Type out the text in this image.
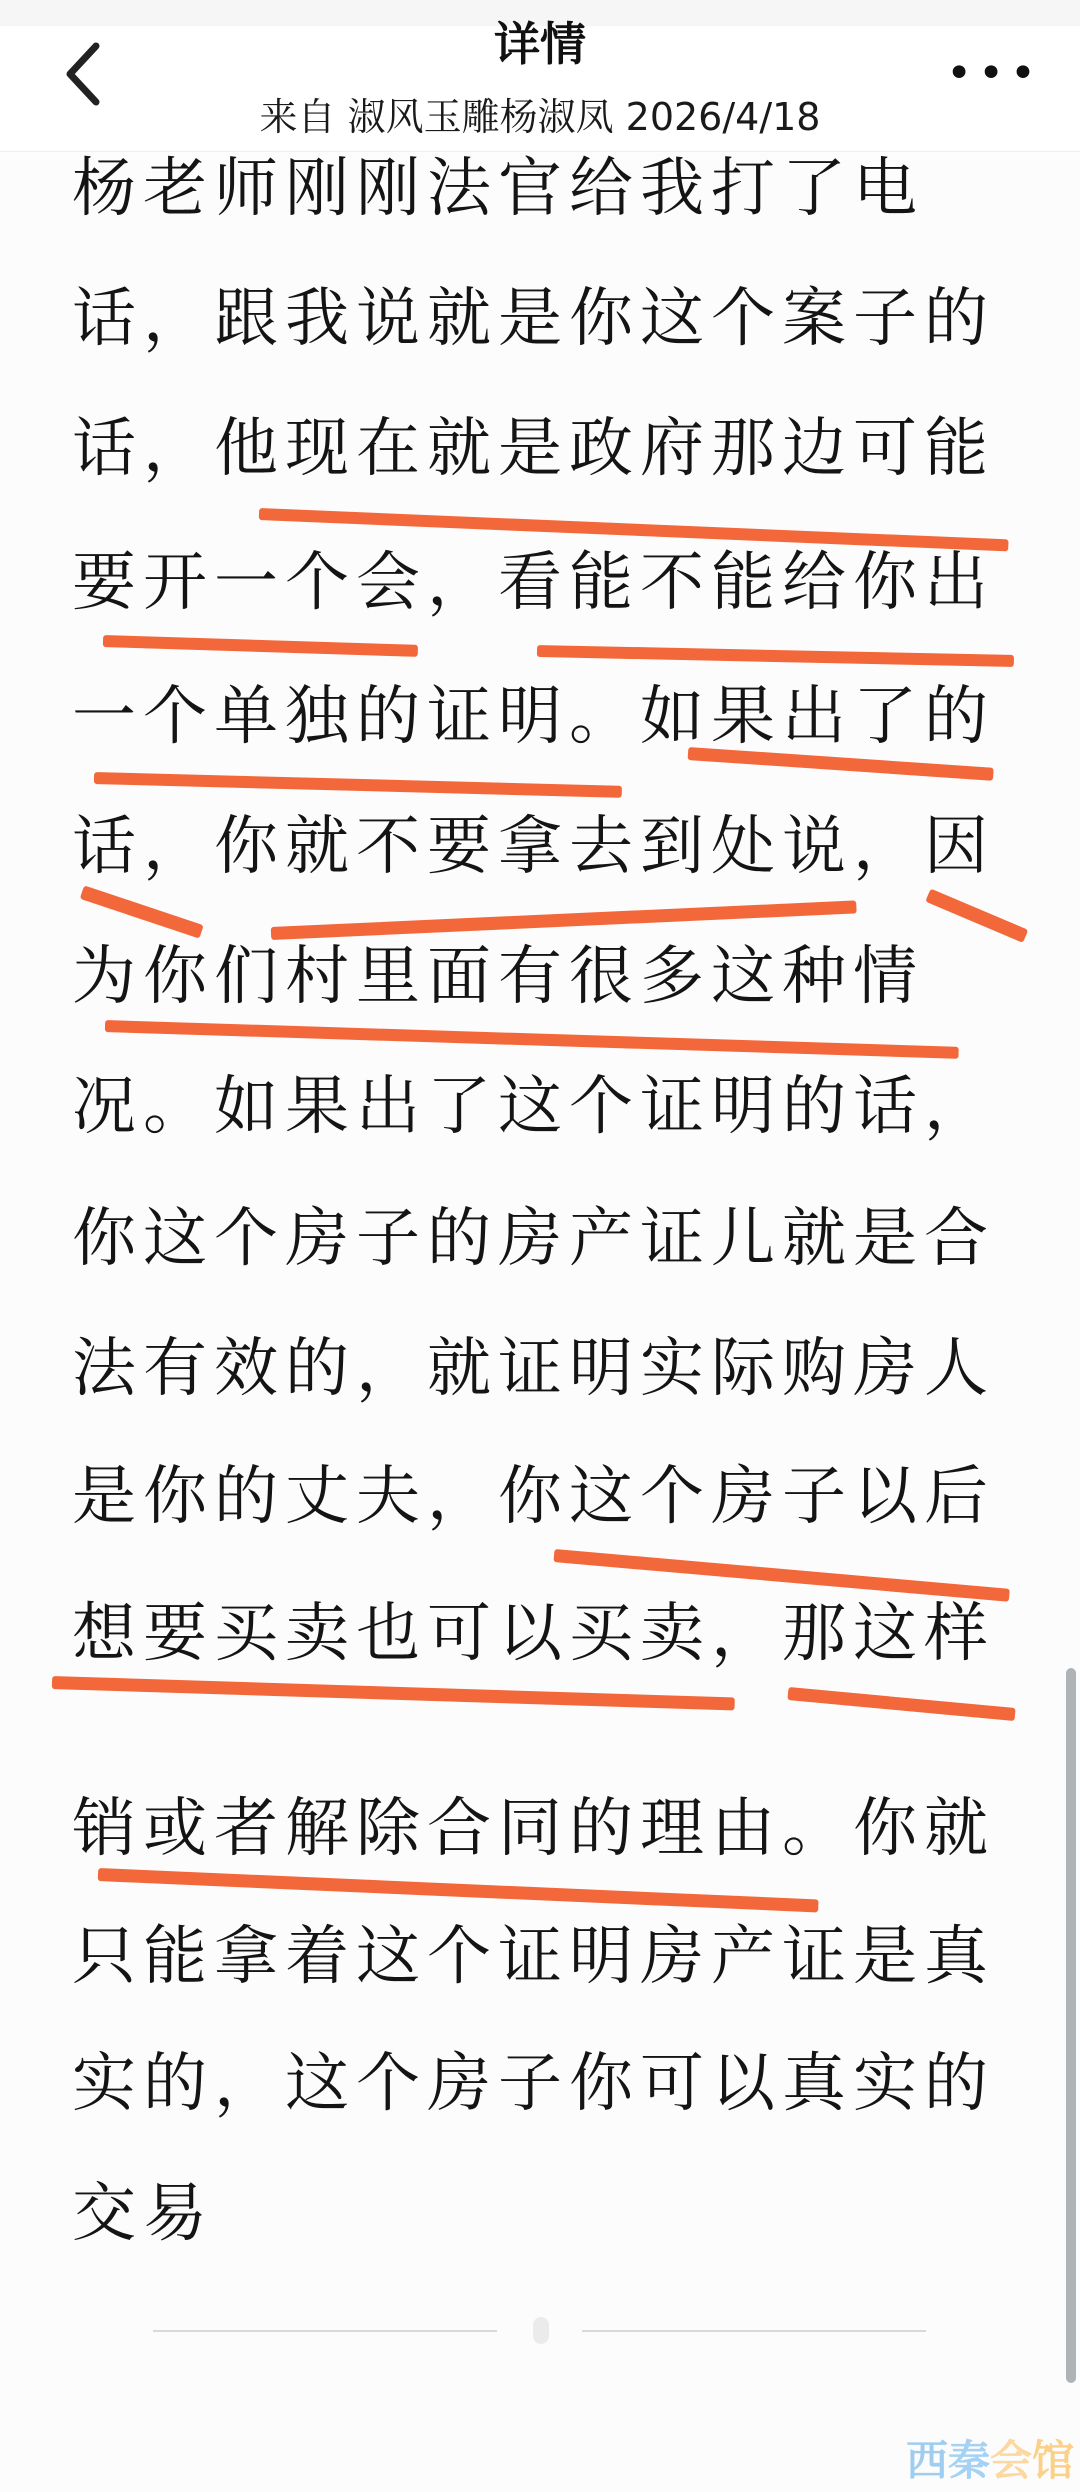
详情
•••
来自 淑风玉雕杨淑凤 2026/4/18
杨老师刚刚法官给我打了电
话，跟我说就是你这个案子的
话，他现在就是政府那边可能
要开一个会，看能不能给你出
一个单独的证明。如果出了的
话，你就不要拿去到处说，因
为你们村里面有很多这种情
况。如果出了这个证明的话，
你这个房子的房产证儿就是合
法有效的，就证明实际购房人
是你的丈夫，你这个房子以后
想要买卖也可以买卖，那这样
销或者解除合同的理由。你就
只能拿着这个证明房产证是真
实的，这个房子你可以真实的
交易
西秦会馆
